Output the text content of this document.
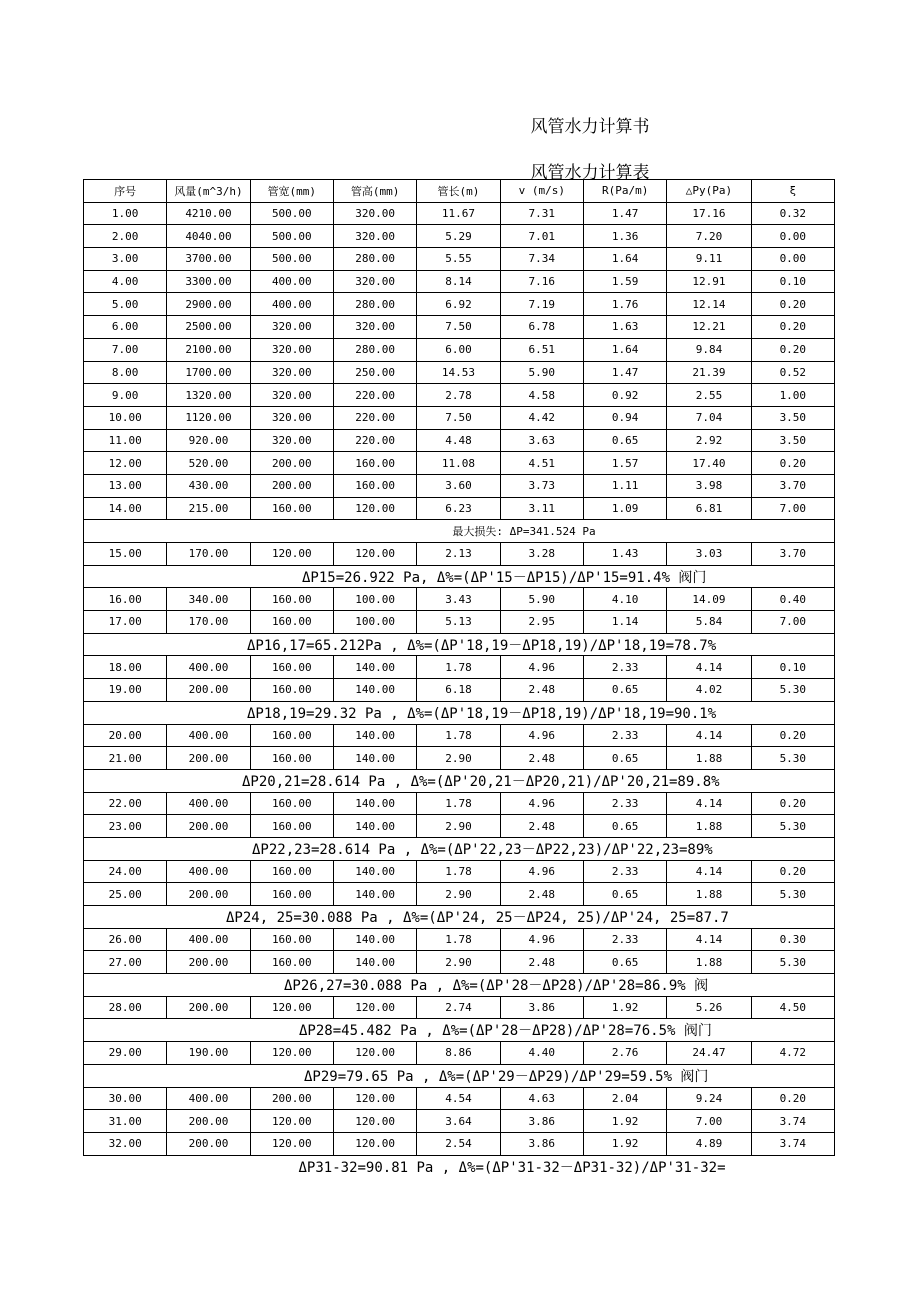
风管水力计算书
风管水力计算表
序号	风量(m^3/h)	管宽(mm)	管高(mm)	管长(m)	v (m/s)	R(Pa/m)	△Py(Pa)	ξ
1.00	4210.00	500.00	320.00	11.67	7.31	1.47	17.16	0.32
2.00	4040.00	500.00	320.00	5.29	7.01	1.36	7.20	0.00
3.00	3700.00	500.00	280.00	5.55	7.34	1.64	9.11	0.00
4.00	3300.00	400.00	320.00	8.14	7.16	1.59	12.91	0.10
5.00	2900.00	400.00	280.00	6.92	7.19	1.76	12.14	0.20
6.00	2500.00	320.00	320.00	7.50	6.78	1.63	12.21	0.20
7.00	2100.00	320.00	280.00	6.00	6.51	1.64	9.84	0.20
8.00	1700.00	320.00	250.00	14.53	5.90	1.47	21.39	0.52
9.00	1320.00	320.00	220.00	2.78	4.58	0.92	2.55	1.00
10.00	1120.00	320.00	220.00	7.50	4.42	0.94	7.04	3.50
11.00	920.00	320.00	220.00	4.48	3.63	0.65	2.92	3.50
12.00	520.00	200.00	160.00	11.08	4.51	1.57	17.40	0.20
13.00	430.00	200.00	160.00	3.60	3.73	1.11	3.98	3.70
14.00	215.00	160.00	120.00	6.23	3.11	1.09	6.81	7.00
最大损失: ΔP=341.524 Pa								
15.00	170.00	120.00	120.00	2.13	3.28	1.43	3.03	3.70

ΔP15=26.922 Pa, Δ%=(ΔP'15－ΔP15)/ΔP'15=91.4% 阀门								

16.00	340.00	160.00	100.00	3.43	5.90	4.10	14.09	0.40
17.00	170.00	160.00	100.00	5.13	2.95	1.14	5.84	7.00

ΔP16,17=65.212Pa , Δ%=(ΔP'18,19－ΔP18,19)/ΔP'18,19=78.7%								

18.00	400.00	160.00	140.00	1.78	4.96	2.33	4.14	0.10
19.00	200.00	160.00	140.00	6.18	2.48	0.65	4.02	5.30

ΔP18,19=29.32 Pa , Δ%=(ΔP'18,19－ΔP18,19)/ΔP'18,19=90.1%								

20.00	400.00	160.00	140.00	1.78	4.96	2.33	4.14	0.20
21.00	200.00	160.00	140.00	2.90	2.48	0.65	1.88	5.30

ΔP20,21=28.614 Pa , Δ%=(ΔP'20,21－ΔP20,21)/ΔP'20,21=89.8%								

22.00	400.00	160.00	140.00	1.78	4.96	2.33	4.14	0.20
23.00	200.00	160.00	140.00	2.90	2.48	0.65	1.88	5.30

ΔP22,23=28.614 Pa , Δ%=(ΔP'22,23－ΔP22,23)/ΔP'22,23=89%								

24.00	400.00	160.00	140.00	1.78	4.96	2.33	4.14	0.20
25.00	200.00	160.00	140.00	2.90	2.48	0.65	1.88	5.30

ΔP24, 25=30.088 Pa , Δ%=(ΔP'24, 25－ΔP24, 25)/ΔP'24, 25=87.7								

26.00	400.00	160.00	140.00	1.78	4.96	2.33	4.14	0.30
27.00	200.00	160.00	140.00	2.90	2.48	0.65	1.88	5.30

ΔP26,27=30.088 Pa , Δ%=(ΔP'28－ΔP28)/ΔP'28=86.9% 阀								

28.00	200.00	120.00	120.00	2.74	3.86	1.92	5.26	4.50

ΔP28=45.482 Pa , Δ%=(ΔP'28－ΔP28)/ΔP'28=76.5% 阀门								

29.00	190.00	120.00	120.00	8.86	4.40	2.76	24.47	4.72

ΔP29=79.65 Pa , Δ%=(ΔP'29－ΔP29)/ΔP'29=59.5% 阀门								

30.00	400.00	200.00	120.00	4.54	4.63	2.04	9.24	0.20
31.00	200.00	120.00	120.00	3.64	3.86	1.92	7.00	3.74
32.00	200.00	120.00	120.00	2.54	3.86	1.92	4.89	3.74

ΔP31-32=90.81 Pa , Δ%=(ΔP'31-32－ΔP31-32)/ΔP'31-32=								
